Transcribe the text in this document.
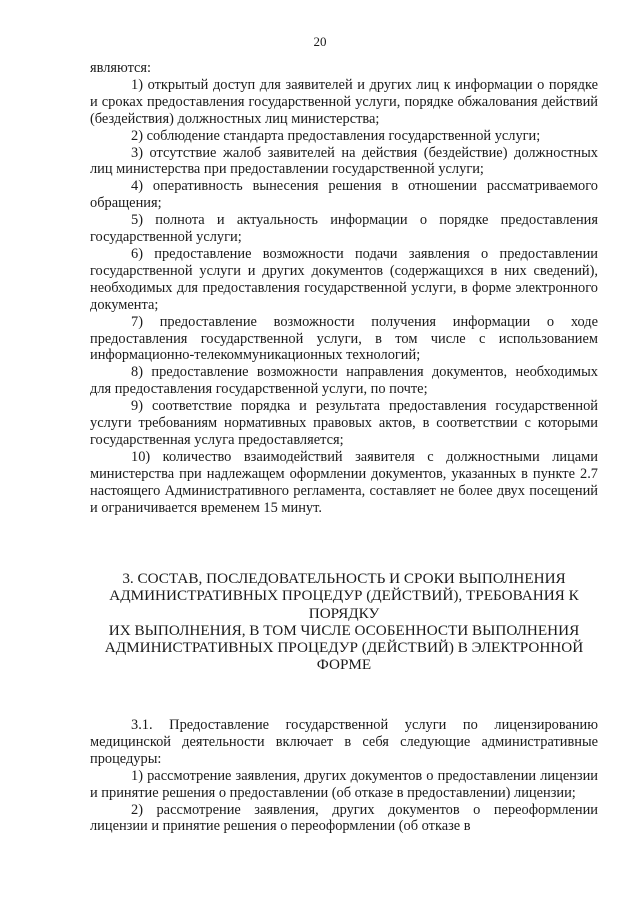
20

являются:

1) открытый доступ для заявителей и других лиц к информации о порядке и сроках предоставления государственной услуги, порядке обжалования действий (бездействия) должностных лиц министерства;

2) соблюдение стандарта предоставления государственной услуги;

3) отсутствие жалоб заявителей на действия (бездействие) должностных лиц министерства при предоставлении государственной услуги;

4) оперативность вынесения решения в отношении рассматриваемого обращения;

5) полнота и актуальность информации о порядке предоставления государственной услуги;

6) предоставление возможности подачи заявления о предоставлении государственной услуги и других документов (содержащихся в них сведений), необходимых для предоставления государственной услуги, в форме электронного документа;

7) предоставление возможности получения информации о ходе предоставления государственной услуги, в том числе с использованием информационно-телекоммуникационных технологий;

8) предоставление возможности направления документов, необходимых для предоставления государственной услуги, по почте;

9) соответствие порядка и результата предоставления государственной услуги требованиям нормативных правовых актов, в соответствии с которыми государственная услуга предоставляется;

10) количество взаимодействий заявителя с должностными лицами министерства при надлежащем оформлении документов, указанных в пункте 2.7 настоящего Административного регламента, составляет не более двух посещений и ограничивается временем 15 минут.

3. СОСТАВ, ПОСЛЕДОВАТЕЛЬНОСТЬ И СРОКИ ВЫПОЛНЕНИЯ
АДМИНИСТРАТИВНЫХ ПРОЦЕДУР (ДЕЙСТВИЙ), ТРЕБОВАНИЯ К
ПОРЯДКУ
ИХ ВЫПОЛНЕНИЯ, В ТОМ ЧИСЛЕ ОСОБЕННОСТИ ВЫПОЛНЕНИЯ
АДМИНИСТРАТИВНЫХ ПРОЦЕДУР (ДЕЙСТВИЙ) В ЭЛЕКТРОННОЙ
ФОРМЕ

3.1. Предоставление государственной услуги по лицензированию медицинской деятельности включает в себя следующие административные процедуры:

1) рассмотрение заявления, других документов о предоставлении лицензии и принятие решения о предоставлении (об отказе в предоставлении) лицензии;

2) рассмотрение заявления, других документов о переоформлении лицензии и принятие решения о переоформлении (об отказе в
